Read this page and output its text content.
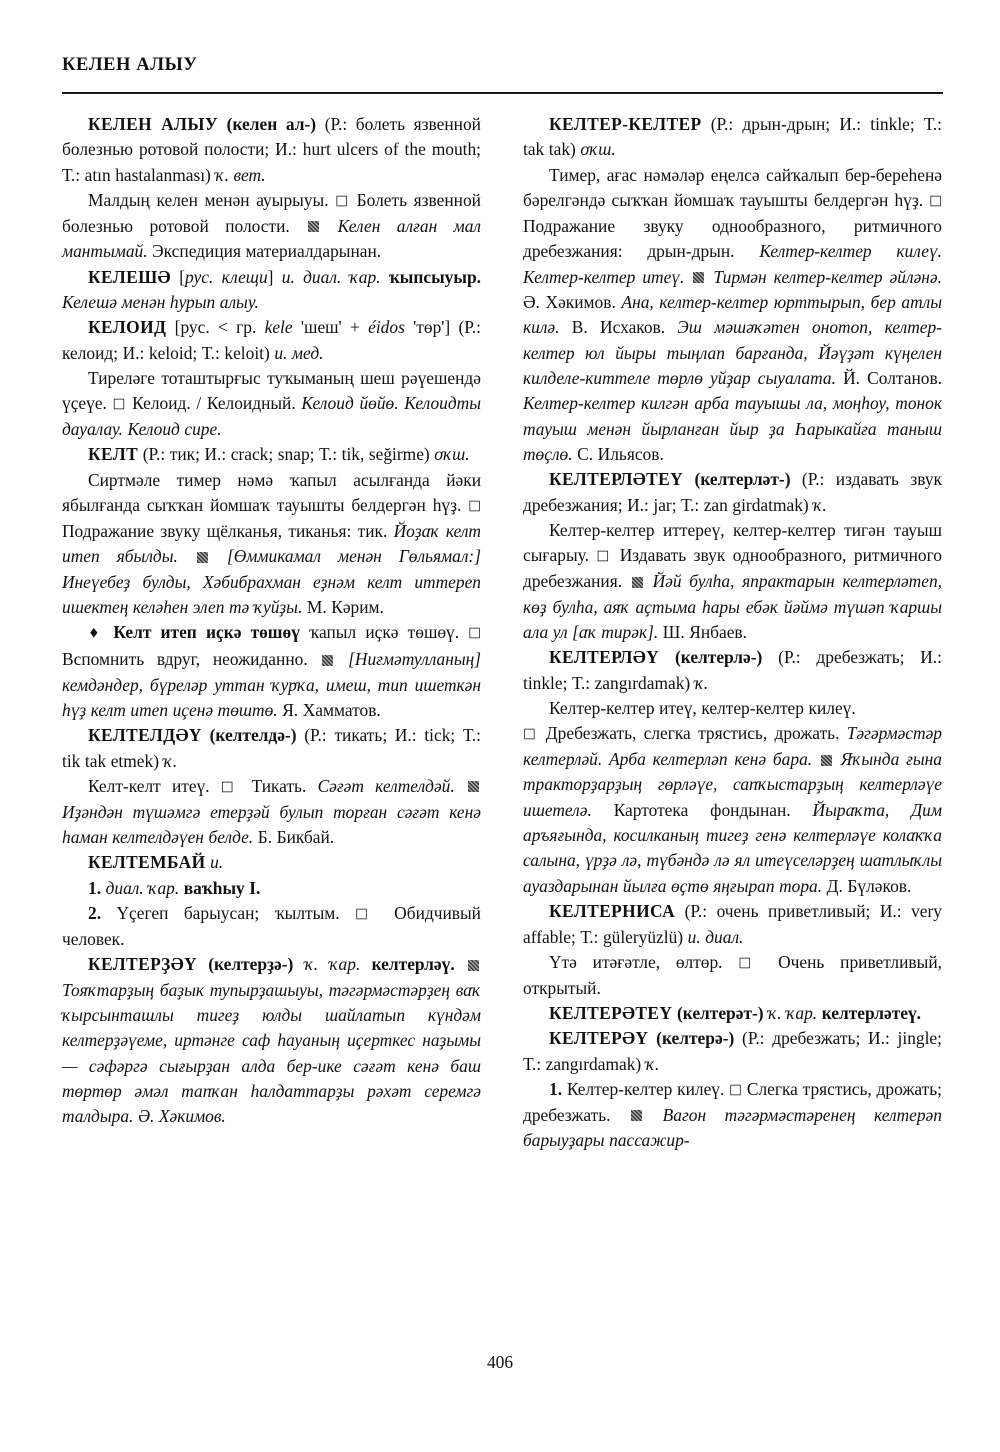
КЕЛЕН АЛЫУ

КЕЛЕН АЛЫУ (келен ал-) (Р.: болеть язвенной болезнью ротовой полости; И.: hurt ulcers of the mouth; Т.: atın hastalanması) ҡ. вет.

Малдың келен менән ауырыуы. □ Болеть язвенной болезнью ротовой полости.	Келен алған мал мантымай. Экспедиция материалдарынан.

КЕЛЕШӘ [рус. клещи] и. диал. ҡар. ҡыпсыуыр. Келешә менән һурып алыу.

КЕЛОИД [рус. < гр. kele 'шеш' + éidos 'төр'] (Р.: келоид; И.: keloid; Т.: keloit) и. мед.

Тиреләге тоташтырғыс туҡыманың шеш рәүешендә үҫеүе. □ Келоид. / Келоидный. Келоид йөйө. Келоидты дауалау. Келоид сире.

КЕЛТ (Р.: тик; И.: crack; snap; Т.: tik, seğirme) оҡш.

Сиртмәле тимер нәмә ҡапыл асылғанда йәки ябылғанда сыҡҡан йомшаҡ тауышты белдергән һүҙ. □ Подражание звуку щёлканья, тиканья: тик. Йоҙаҡ келт итеп ябылды.	[Өммикамал менән Гөльямал:] Инеүебеҙ булды, Хәбибрахман еҙнәм келт иттереп ишектең келәһен элеп тә ҡуйҙы. М. Кәрим.

♦ Келт итеп иҫкә төшөү ҡапыл иҫкә төшөү. □ Вспомнить вдруг, неожиданно. [Ниғмәтулланың] кемдәндер, бүреләр уттан ҡурҡа, имеш, тип ишеткән һүҙ келт итеп иҫенә төштө. Я. Хамматов.

КЕЛТЕЛДӘҮ (келтелдә-) (Р.: тикать; И.: tick; Т.: tik tak etmek) ҡ.

Келт-келт итеү. □ Тикать. Сәғәт келтелдәй.  Иҙәндән түшәмгә етерҙәй булып торған сәғәт кенә һаман келтелдәүен белде. Б. Бикбай.

КЕЛТЕМБАЙ и.

1. диал. ҡар. ваҡһыу I.

2. Үҫегеп барыусан; ҡылтым. □ Обидчивый человек.

КЕЛТЕРҘӘҮ (келтерҙә-) ҡ. ҡар. келтерләү.  Тояҡтарҙың баҙык тупырҙашыуы, тәгәрмәстәрҙең ваҡ ҡырсынташлы тигеҙ юлды шайлатып күндәм келтерҙәүеме, иртәнге саф һауаның иҫерткес наҙымы — сәфәргә сығырҙан алда бер-ике сәғәт кенә баш төртөр әмәл тапҡан һалдаттарҙы рәхәт серемгә талдыра. Ә. Хәкимов.

КЕЛТЕР-КЕЛТЕР (Р.: дрын-дрын; И.: tinkle; Т.: tak tak) оҡш.

Тимер, ағас нәмәләр еңелсә сайҡалып бер-береһенә бәрелгәндә сыҡҡан йомшаҡ тауышты белдергән һүҙ. □ Подражание звуку однообразного, ритмичного дребезжания: дрын-дрын. Келтер-келтер килеү. Келтер-келтер итеү. Тирмән келтер-келтер әйләнә. Ә. Хәкимов. Ана, келтер-келтер юрттырып, бер атлы килә. В. Исхаков. Эш мәшәҡәтен онотоп, келтер-келтер юл йыры тыңлап барғанда, Йәүҙәт күңелен килделе-киттеле төрлө уйҙар сыуалата. Й. Солтанов. Келтер-келтер килгән арба тауышы ла, моңһоу, тонок тауыш менән йырланған йыр ҙа Һарыкайға таныш төҫлө. С. Ильясов.

КЕЛТЕРЛӘТЕҮ (келтерләт-) (Р.: издавать звук дребезжания; И.: jar; Т.: zan girdatmak) ҡ.

Келтер-келтер иттереү, келтер-келтер тигән тауыш сығарыу. □ Издавать звук однообразного, ритмичного дребезжания. Йәй булһа, япрактарын келтерләтеп, көҙ булһа, аяҡ аҫтыма һары ебәк йәймә түшәп ҡаршы ала ул [аҡ тирәк]. Ш. Янбаев.

КЕЛТЕРЛӘҮ (келтерлә-) (Р.: дребезжать; И.: tinkle; Т.: zangırdamak) ҡ.

Келтер-келтер итеү, келтер-келтер килеү.

□ Дребезжать, слегка трястись, дрожать. Тәгәрмәстәр келтерләй. Арба келтерләп кенә бара. Яҡында ғына тракторҙарҙың гөрләүе, сапҡыстарҙың келтерләүе ишетелә. Картотека фондынан. Йыраҡта, Дим аръяғында, косилканың тигеҙ генә келтерләүе колаҡҡа салына, үрҙә лә, түбәндә лә ял итеүселәрҙең шатлыҡлы ауаздарынан йылға өҫтө яңғырап тора. Д. Бүләков.

КЕЛТЕРНИСА (Р.: очень приветливый; И.: very affable; Т.: güleryüzlü) и. диал.

Үтә итәғәтле, өлтөр. □ Очень приветливый, открытый.

КЕЛТЕРӘТЕҮ (келтерәт-) ҡ. ҡар. келтерләтеү.

КЕЛТЕРӘҮ (келтерә-) (Р.: дребезжать; И.: jingle; Т.: zangırdamak) ҡ.

1. Келтер-келтер килеү. □ Слегка трястись, дрожать; дребезжать.	Вагон тәгәрмәстәренең келтерәп барыуҙары пассажир-

406
